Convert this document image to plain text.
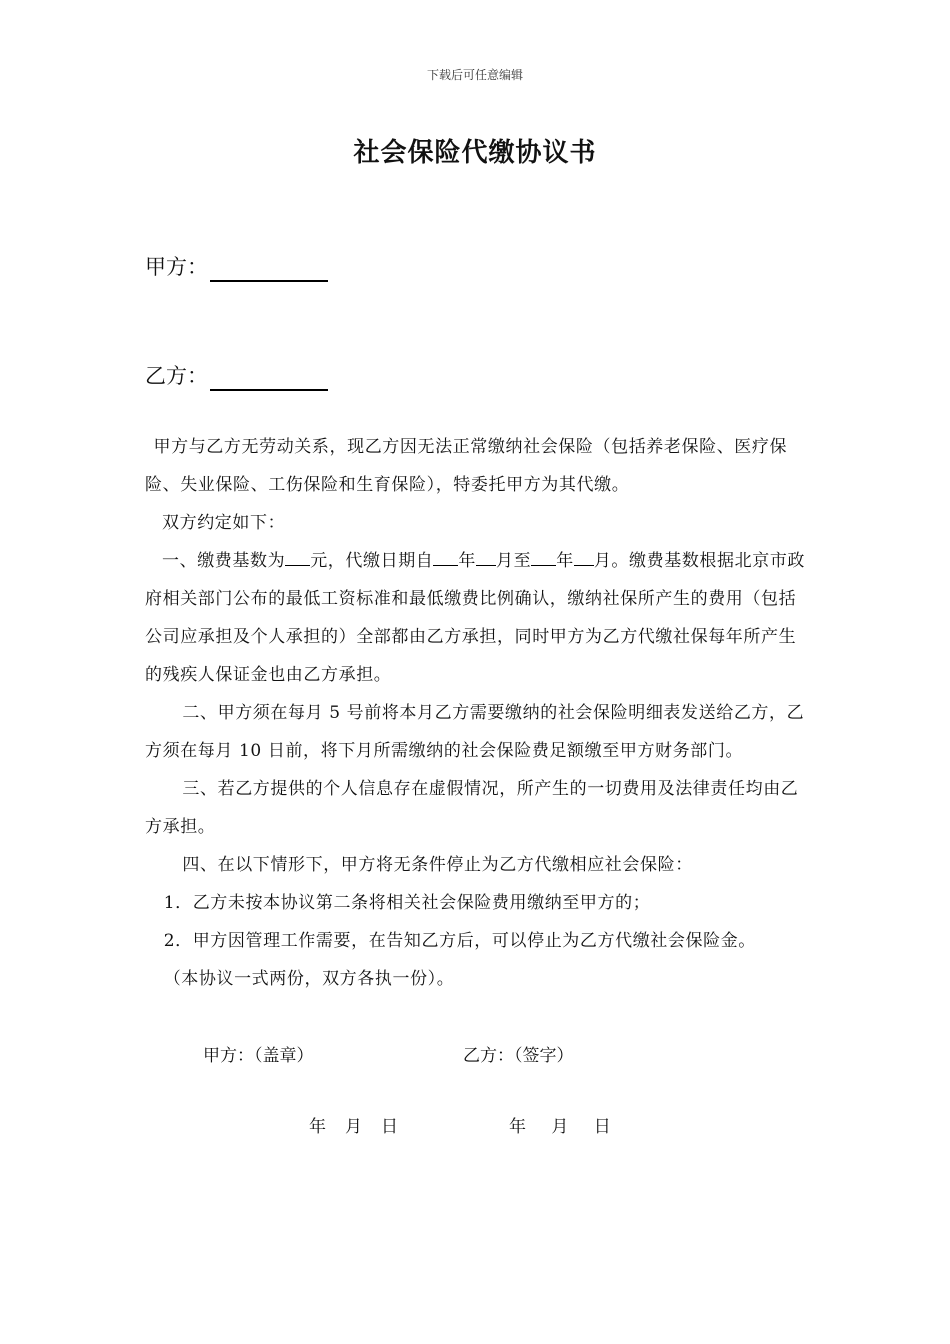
下载后可任意编辑
社会保险代缴协议书
甲方：
乙方：

甲方与乙方无劳动关系，现乙方因无法正常缴纳社会保险（包括养老保险、医疗保险、失业保险、工伤保险和生育保险），特委托甲方为其代缴。

双方约定如下：

一、缴费基数为 元，代缴日期自 年 月至 年 月。缴费基数根据北京市政府相关部门公布的最低工资标准和最低缴费比例确认，缴纳社保所产生的费用（包括公司应承担及个人承担的）全部都由乙方承担，同时甲方为乙方代缴社保每年所产生的残疾人保证金也由乙方承担。

二、甲方须在每月 5 号前将本月乙方需要缴纳的社会保险明细表发送给乙方，乙方须在每月 10 日前，将下月所需缴纳的社会保险费足额缴至甲方财务部门。

三、若乙方提供的个人信息存在虚假情况，所产生的一切费用及法律责任均由乙方承担。

四、在以下情形下，甲方将无条件停止为乙方代缴相应社会保险：

1．乙方未按本协议第二条将相关社会保险费用缴纳至甲方的；

2．甲方因管理工作需要，在告知乙方后，可以停止为乙方代缴社会保险金。

（本协议一式两份，双方各执一份）。

甲方：（盖章）	乙方：（签字）
年　月　日	年　 月　 日
